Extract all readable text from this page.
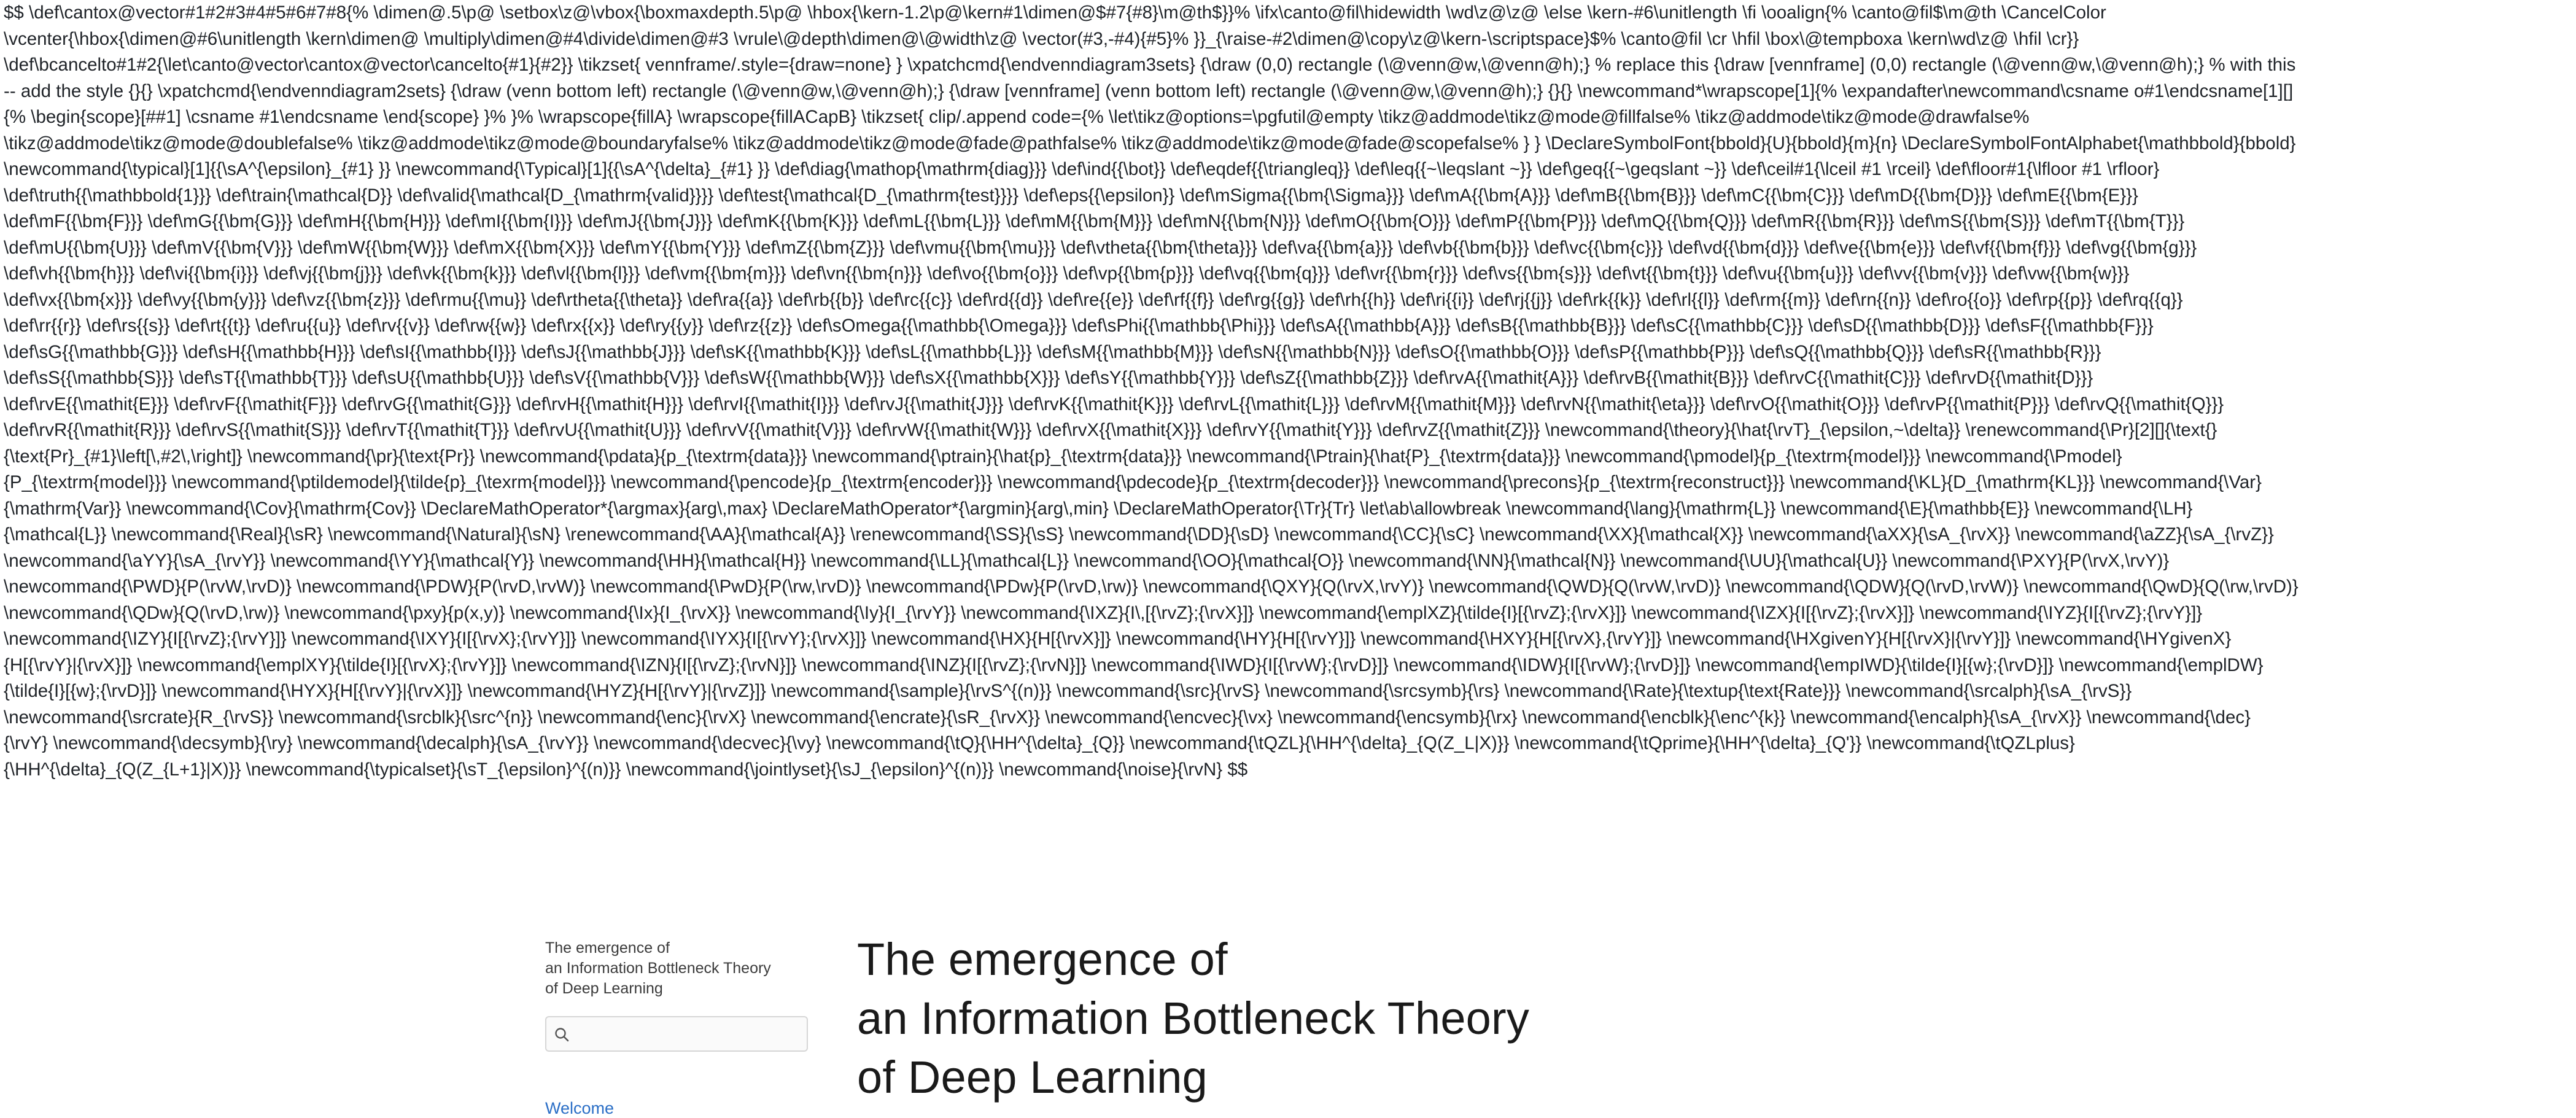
$$ \def\cantox@vector#1#2#3#4#5#6#7#8{% \dimen@.5\p@ \setbox\z@\vbox{\boxmaxdepth.5\p@ \hbox{\kern-1.2\p@\kern#1\dimen@$#7{#8}\m@th$}}% \ifx\canto@fil\hidewidth \wd\z@\z@ \else \kern-#6\unitlength \fi \ooalign{% \canto@fil$\m@th \CancelColor
\vcenter{\hbox{\dimen@#6\unitlength \kern\dimen@ \multiply\dimen@#4\divide\dimen@#3 \vrule\@depth\dimen@\@width\z@ \vector(#3,-#4){#5}% }}_{\raise-#2\dimen@\copy\z@\kern-\scriptspace}$% \canto@fil \cr \hfil \box\@tempboxa \kern\wd\z@ \hfil \cr}}
\def\bcancelto#1#2{\let\canto@vector\cantox@vector\cancelto{#1}{#2}} \tikzset{ vennframe/.style={draw=none} } \xpatchcmd{\endvenndiagram3sets} {\draw (0,0) rectangle (\@venn@w,\@venn@h);} % replace this {\draw [vennframe] (0,0) rectangle (\@venn@w,\@venn@h);} % with this
-- add the style {}{} \xpatchcmd{\endvenndiagram2sets} {\draw (venn bottom left) rectangle (\@venn@w,\@venn@h);} {\draw [vennframe] (venn bottom left) rectangle (\@venn@w,\@venn@h);} {}{} \newcommand*\wrapscope[1]{% \expandafter\newcommand\csname o#1\endcsname[1][]
{% \begin{scope}[##1] \csname #1\endcsname \end{scope} }% }% \wrapscope{fillA} \wrapscope{fillACapB} \tikzset{ clip/.append code={% \let\tikz@options=\pgfutil@empty \tikz@addmode\tikz@mode@fillfalse% \tikz@addmode\tikz@mode@drawfalse%
\tikz@addmode\tikz@mode@doublefalse% \tikz@addmode\tikz@mode@boundaryfalse% \tikz@addmode\tikz@mode@fade@pathfalse% \tikz@addmode\tikz@mode@fade@scopefalse% } } \DeclareSymbolFont{bbold}{U}{bbold}{m}{n} \DeclareSymbolFontAlphabet{\mathbbold}{bbold}
\newcommand{\typical}[1]{{\sA^{\epsilon}_{#1} }} \newcommand{\Typical}[1]{{\sA^{\delta}_{#1} }} \def\diag{\mathop{\mathrm{diag}}} \def\ind{{\bot}} \def\eqdef{{\triangleq}} \def\leq{{~\leqslant ~}} \def\geq{{~\geqslant ~}} \def\ceil#1{\lceil #1 \rceil} \def\floor#1{\lfloor #1 \rfloor}
\def\truth{{\mathbbold{1}}} \def\train{\mathcal{D}} \def\valid{\mathcal{D_{\mathrm{valid}}}} \def\test{\mathcal{D_{\mathrm{test}}}} \def\eps{{\epsilon}} \def\mSigma{{\bm{\Sigma}}} \def\mA{{\bm{A}}} \def\mB{{\bm{B}}} \def\mC{{\bm{C}}} \def\mD{{\bm{D}}} \def\mE{{\bm{E}}}
\def\mF{{\bm{F}}} \def\mG{{\bm{G}}} \def\mH{{\bm{H}}} \def\mI{{\bm{I}}} \def\mJ{{\bm{J}}} \def\mK{{\bm{K}}} \def\mL{{\bm{L}}} \def\mM{{\bm{M}}} \def\mN{{\bm{N}}} \def\mO{{\bm{O}}} \def\mP{{\bm{P}}} \def\mQ{{\bm{Q}}} \def\mR{{\bm{R}}} \def\mS{{\bm{S}}} \def\mT{{\bm{T}}}
\def\mU{{\bm{U}}} \def\mV{{\bm{V}}} \def\mW{{\bm{W}}} \def\mX{{\bm{X}}} \def\mY{{\bm{Y}}} \def\mZ{{\bm{Z}}} \def\vmu{{\bm{\mu}}} \def\vtheta{{\bm{\theta}}} \def\va{{\bm{a}}} \def\vb{{\bm{b}}} \def\vc{{\bm{c}}} \def\vd{{\bm{d}}} \def\ve{{\bm{e}}} \def\vf{{\bm{f}}} \def\vg{{\bm{g}}}
\def\vh{{\bm{h}}} \def\vi{{\bm{i}}} \def\vj{{\bm{j}}} \def\vk{{\bm{k}}} \def\vl{{\bm{l}}} \def\vm{{\bm{m}}} \def\vn{{\bm{n}}} \def\vo{{\bm{o}}} \def\vp{{\bm{p}}} \def\vq{{\bm{q}}} \def\vr{{\bm{r}}} \def\vs{{\bm{s}}} \def\vt{{\bm{t}}} \def\vu{{\bm{u}}} \def\vv{{\bm{v}}} \def\vw{{\bm{w}}}
\def\vx{{\bm{x}}} \def\vy{{\bm{y}}} \def\vz{{\bm{z}}} \def\rmu{{\mu}} \def\rtheta{{\theta}} \def\ra{{a}} \def\rb{{b}} \def\rc{{c}} \def\rd{{d}} \def\re{{e}} \def\rf{{f}} \def\rg{{g}} \def\rh{{h}} \def\ri{{i}} \def\rj{{j}} \def\rk{{k}} \def\rl{{l}} \def\rm{{m}} \def\rn{{n}} \def\ro{{o}} \def\rp{{p}} \def\rq{{q}}
\def\rr{{r}} \def\rs{{s}} \def\rt{{t}} \def\ru{{u}} \def\rv{{v}} \def\rw{{w}} \def\rx{{x}} \def\ry{{y}} \def\rz{{z}} \def\sOmega{{\mathbb{\Omega}}} \def\sPhi{{\mathbb{\Phi}}} \def\sA{{\mathbb{A}}} \def\sB{{\mathbb{B}}} \def\sC{{\mathbb{C}}} \def\sD{{\mathbb{D}}} \def\sF{{\mathbb{F}}}
\def\sG{{\mathbb{G}}} \def\sH{{\mathbb{H}}} \def\sI{{\mathbb{I}}} \def\sJ{{\mathbb{J}}} \def\sK{{\mathbb{K}}} \def\sL{{\mathbb{L}}} \def\sM{{\mathbb{M}}} \def\sN{{\mathbb{N}}} \def\sO{{\mathbb{O}}} \def\sP{{\mathbb{P}}} \def\sQ{{\mathbb{Q}}} \def\sR{{\mathbb{R}}}
\def\sS{{\mathbb{S}}} \def\sT{{\mathbb{T}}} \def\sU{{\mathbb{U}}} \def\sV{{\mathbb{V}}} \def\sW{{\mathbb{W}}} \def\sX{{\mathbb{X}}} \def\sY{{\mathbb{Y}}} \def\sZ{{\mathbb{Z}}} \def\rvA{{\mathit{A}}} \def\rvB{{\mathit{B}}} \def\rvC{{\mathit{C}}} \def\rvD{{\mathit{D}}}
\def\rvE{{\mathit{E}}} \def\rvF{{\mathit{F}}} \def\rvG{{\mathit{G}}} \def\rvH{{\mathit{H}}} \def\rvI{{\mathit{I}}} \def\rvJ{{\mathit{J}}} \def\rvK{{\mathit{K}}} \def\rvL{{\mathit{L}}} \def\rvM{{\mathit{M}}} \def\rvN{{\mathit{\eta}}} \def\rvO{{\mathit{O}}} \def\rvP{{\mathit{P}}} \def\rvQ{{\mathit{Q}}}
\def\rvR{{\mathit{R}}} \def\rvS{{\mathit{S}}} \def\rvT{{\mathit{T}}} \def\rvU{{\mathit{U}}} \def\rvV{{\mathit{V}}} \def\rvW{{\mathit{W}}} \def\rvX{{\mathit{X}}} \def\rvY{{\mathit{Y}}} \def\rvZ{{\mathit{Z}}} \newcommand{\theory}{\hat{\rvT}_{\epsilon,~\delta}} \renewcommand{\Pr}[2][]{\text{}
{\text{Pr}_{#1}\left[\,#2\,\right]} \newcommand{\pr}{\text{Pr}} \newcommand{\pdata}{p_{\textrm{data}}} \newcommand{\ptrain}{\hat{p}_{\textrm{data}}} \newcommand{\Ptrain}{\hat{P}_{\textrm{data}}} \newcommand{\pmodel}{p_{\textrm{model}}} \newcommand{\Pmodel}
{P_{\textrm{model}}} \newcommand{\ptildemodel}{\tilde{p}_{\texrm{model}}} \newcommand{\pencode}{p_{\textrm{encoder}}} \newcommand{\pdecode}{p_{\textrm{decoder}}} \newcommand{\precons}{p_{\textrm{reconstruct}}} \newcommand{\KL}{D_{\mathrm{KL}}} \newcommand{\Var}
{\mathrm{Var}} \newcommand{\Cov}{\mathrm{Cov}} \DeclareMathOperator*{\argmax}{arg\,max} \DeclareMathOperator*{\argmin}{arg\,min} \DeclareMathOperator{\Tr}{Tr} \let\ab\allowbreak \newcommand{\lang}{\mathrm{L}} \newcommand{\E}{\mathbb{E}} \newcommand{\LH}
{\mathcal{L}} \newcommand{\Real}{\sR} \newcommand{\Natural}{\sN} \renewcommand{\AA}{\mathcal{A}} \renewcommand{\SS}{\sS} \newcommand{\DD}{\sD} \newcommand{\CC}{\sC} \newcommand{\XX}{\mathcal{X}} \newcommand{\aXX}{\sA_{\rvX}} \newcommand{\aZZ}{\sA_{\rvZ}}
\newcommand{\aYY}{\sA_{\rvY}} \newcommand{\YY}{\mathcal{Y}} \newcommand{\HH}{\mathcal{H}} \newcommand{\LL}{\mathcal{L}} \newcommand{\OO}{\mathcal{O}} \newcommand{\NN}{\mathcal{N}} \newcommand{\UU}{\mathcal{U}} \newcommand{\PXY}{P(\rvX,\rvY)}
\newcommand{\PWD}{P(\rvW,\rvD)} \newcommand{\PDW}{P(\rvD,\rvW)} \newcommand{\PwD}{P(\rw,\rvD)} \newcommand{\PDw}{P(\rvD,\rw)} \newcommand{\QXY}{Q(\rvX,\rvY)} \newcommand{\QWD}{Q(\rvW,\rvD)} \newcommand{\QDW}{Q(\rvD,\rvW)} \newcommand{\QwD}{Q(\rw,\rvD)}
\newcommand{\QDw}{Q(\rvD,\rw)} \newcommand{\pxy}{p(x,y)} \newcommand{\Ix}{I_{\rvX}} \newcommand{\Iy}{I_{\rvY}} \newcommand{\IXZ}{I\,[{\rvZ};{\rvX}]} \newcommand{\emplXZ}{\tilde{I}[{\rvZ};{\rvX}]} \newcommand{\IZX}{I[{\rvZ};{\rvX}]} \newcommand{\IYZ}{I[{\rvZ};{\rvY}]}
\newcommand{\IZY}{I[{\rvZ};{\rvY}]} \newcommand{\IXY}{I[{\rvX};{\rvY}]} \newcommand{\IYX}{I[{\rvY};{\rvX}]} \newcommand{\HX}{H[{\rvX}]} \newcommand{\HY}{H[{\rvY}]} \newcommand{\HXY}{H[{\rvX},{\rvY}]} \newcommand{\HXgivenY}{H[{\rvX}|{\rvY}]} \newcommand{\HYgivenX}
{H[{\rvY}|{\rvX}]} \newcommand{\emplXY}{\tilde{I}[{\rvX};{\rvY}]} \newcommand{\IZN}{I[{\rvZ};{\rvN}]} \newcommand{\INZ}{I[{\rvZ};{\rvN}]} \newcommand{\IWD}{I[{\rvW};{\rvD}]} \newcommand{\IDW}{I[{\rvW};{\rvD}]} \newcommand{\empIWD}{\tilde{I}[{w};{\rvD}]} \newcommand{\emplDW}
{\tilde{I}[{w};{\rvD}]} \newcommand{\HYX}{H[{\rvY}|{\rvX}]} \newcommand{\HYZ}{H[{\rvY}|{\rvZ}]} \newcommand{\sample}{\rvS^{(n)}} \newcommand{\src}{\rvS} \newcommand{\srcsymb}{\rs} \newcommand{\Rate}{\textup{\text{Rate}}} \newcommand{\srcalph}{\sA_{\rvS}}
\newcommand{\srcrate}{R_{\rvS}} \newcommand{\srcblk}{\src^{n}} \newcommand{\enc}{\rvX} \newcommand{\encrate}{\sR_{\rvX}} \newcommand{\encvec}{\vx} \newcommand{\encsymb}{\rx} \newcommand{\encblk}{\enc^{k}} \newcommand{\encalph}{\sA_{\rvX}} \newcommand{\dec}
{\rvY} \newcommand{\decsymb}{\ry} \newcommand{\decalph}{\sA_{\rvY}} \newcommand{\decvec}{\vy} \newcommand{\tQ}{\HH^{\delta}_{Q}} \newcommand{\tQZL}{\HH^{\delta}_{Q(Z_L|X)}} \newcommand{\tQprime}{\HH^{\delta}_{Q'}} \newcommand{\tQZLplus}
{\HH^{\delta}_{Q(Z_{L+1}|X)}} \newcommand{\typicalset}{\sT_{\epsilon}^{(n)}} \newcommand{\jointlyset}{\sJ_{\epsilon}^{(n)}} \newcommand{\noise}{\rvN} $$
The emergence of
an Information Bottleneck Theory
of Deep Learning
Welcome
The emergence of
an Information Bottleneck Theory
of Deep Learning
